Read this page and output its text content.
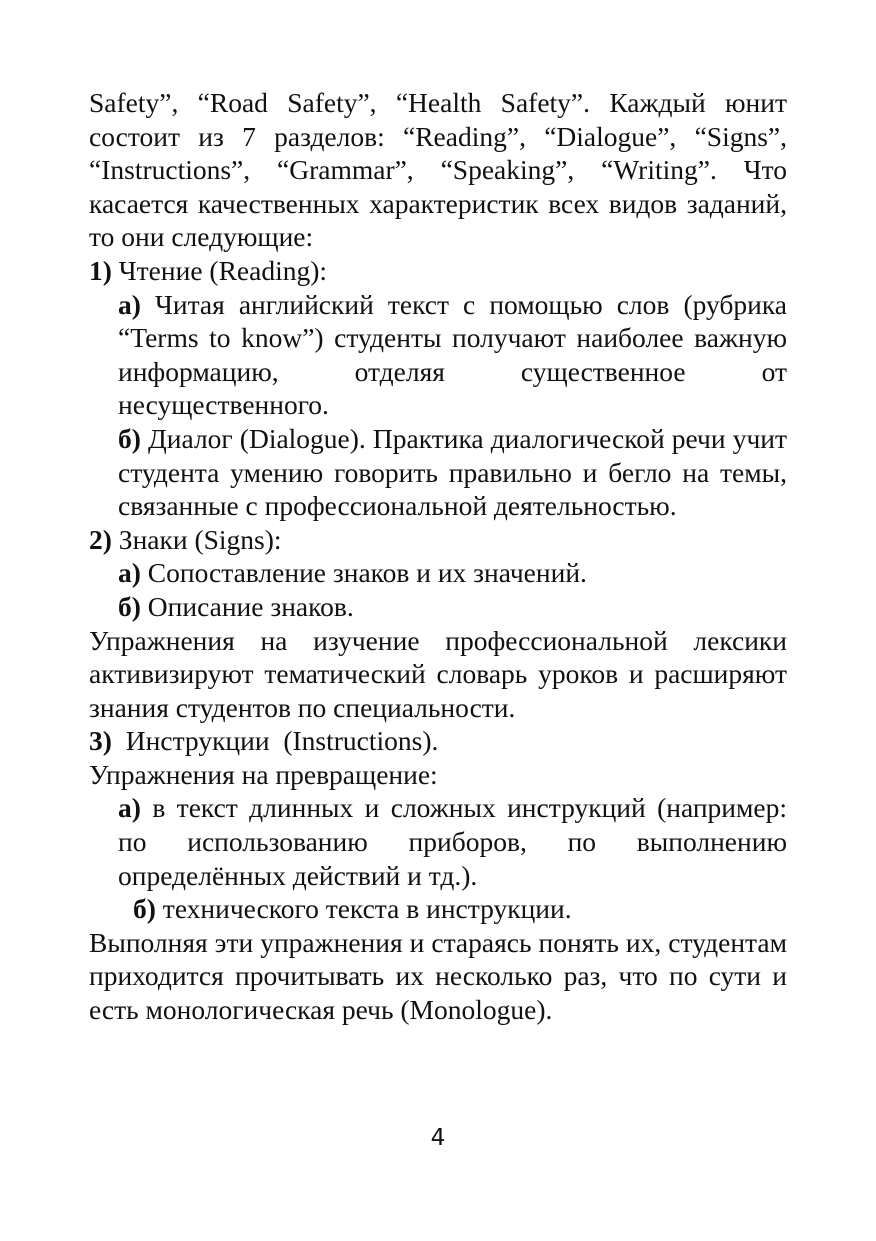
Safety”, “Road Safety”, “Health Safety”. Каждый юнит состоит из 7 разделов: “Reading”, “Dialogue”, “Signs”, “Instructions”, “Grammar”, “Speaking”, “Writing”. Что касается качественных характеристик всех видов заданий, то они следующие:

1) Чтение (Reading):

а) Читая английский текст с помощью слов (рубрика “Terms to know”) студенты получают наиболее важную информацию, отделяя существенное от несущественного.

б) Диалог (Dialogue). Практика диалогической речи учит студента умению говорить правильно и бегло на темы, связанные с профессиональной деятельностью.

2) Знаки (Signs):

а) Сопоставление знаков и их значений.

б) Описание знаков.

Упражнения на изучение профессиональной лексики активизируют тематический словарь уроков и расширяют знания студентов по специальности.

3) Инструкции  (Instructions).

Упражнения на превращение:

а) в текст длинных и сложных инструкций (например: по использованию приборов, по выполнению определённых действий и тд.).

б) технического текста в инструкции.

Выполняя эти упражнения и стараясь понять их, студентам приходится прочитывать их несколько раз, что по сути и есть монологическая речь (Monologue).

4
